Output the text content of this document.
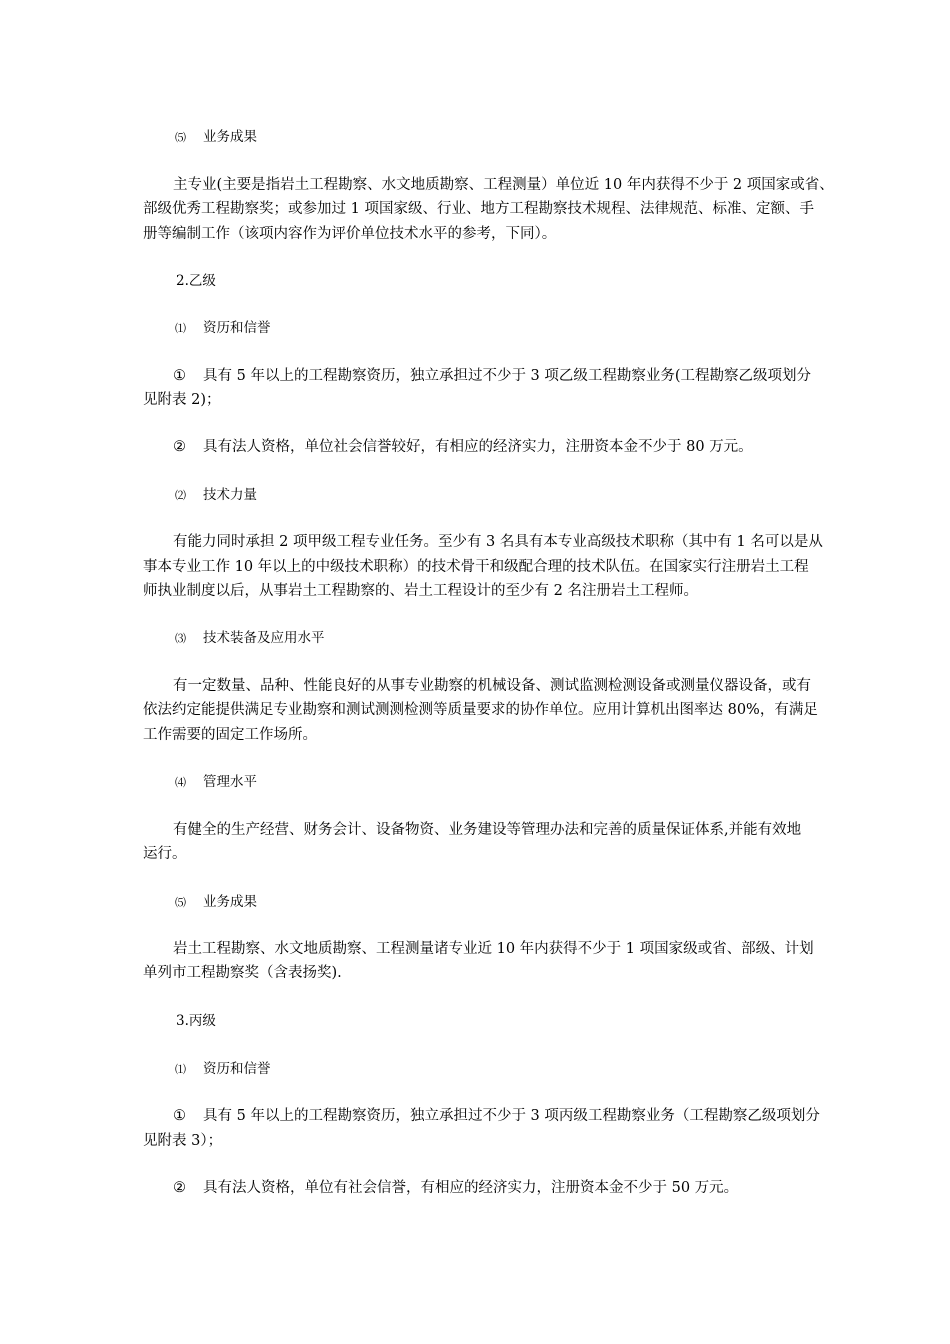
⑸ 业务成果
主专业(主要是指岩土工程勘察、水文地质勘察、工程测量）单位近 10 年内获得不少于 2 项国家或省、
部级优秀工程勘察奖；或参加过 1 项国家级、行业、地方工程勘察技术规程、法律规范、标准、定额、手
册等编制工作（该项内容作为评价单位技术水平的参考，下同）。
2.乙级
⑴ 资历和信誉
① 具有 5 年以上的工程勘察资历，独立承担过不少于 3 项乙级工程勘察业务(工程勘察乙级项划分
见附表 2)；
② 具有法人资格，单位社会信誉较好，有相应的经济实力，注册资本金不少于 80 万元。
⑵ 技术力量
有能力同时承担 2 项甲级工程专业任务。至少有 3 名具有本专业高级技术职称（其中有 1 名可以是从
事本专业工作 10 年以上的中级技术职称）的技术骨干和级配合理的技术队伍。在国家实行注册岩土工程
师执业制度以后，从事岩土工程勘察的、岩土工程设计的至少有 2 名注册岩土工程师。
⑶ 技术装备及应用水平
有一定数量、品种、性能良好的从事专业勘察的机械设备、测试监测检测设备或测量仪器设备，或有
依法约定能提供满足专业勘察和测试测测检测等质量要求的协作单位。应用计算机出图率达 80%，有满足
工作需要的固定工作场所。
⑷ 管理水平
有健全的生产经营、财务会计、设备物资、业务建设等管理办法和完善的质量保证体系,并能有效地
运行。
⑸ 业务成果
岩土工程勘察、水文地质勘察、工程测量诸专业近 10 年内获得不少于 1 项国家级或省、部级、计划
单列市工程勘察奖（含表扬奖).
3.丙级
⑴ 资历和信誉
① 具有 5 年以上的工程勘察资历，独立承担过不少于 3 项丙级工程勘察业务（工程勘察乙级项划分
见附表 3）；
② 具有法人资格，单位有社会信誉，有相应的经济实力，注册资本金不少于 50 万元。
